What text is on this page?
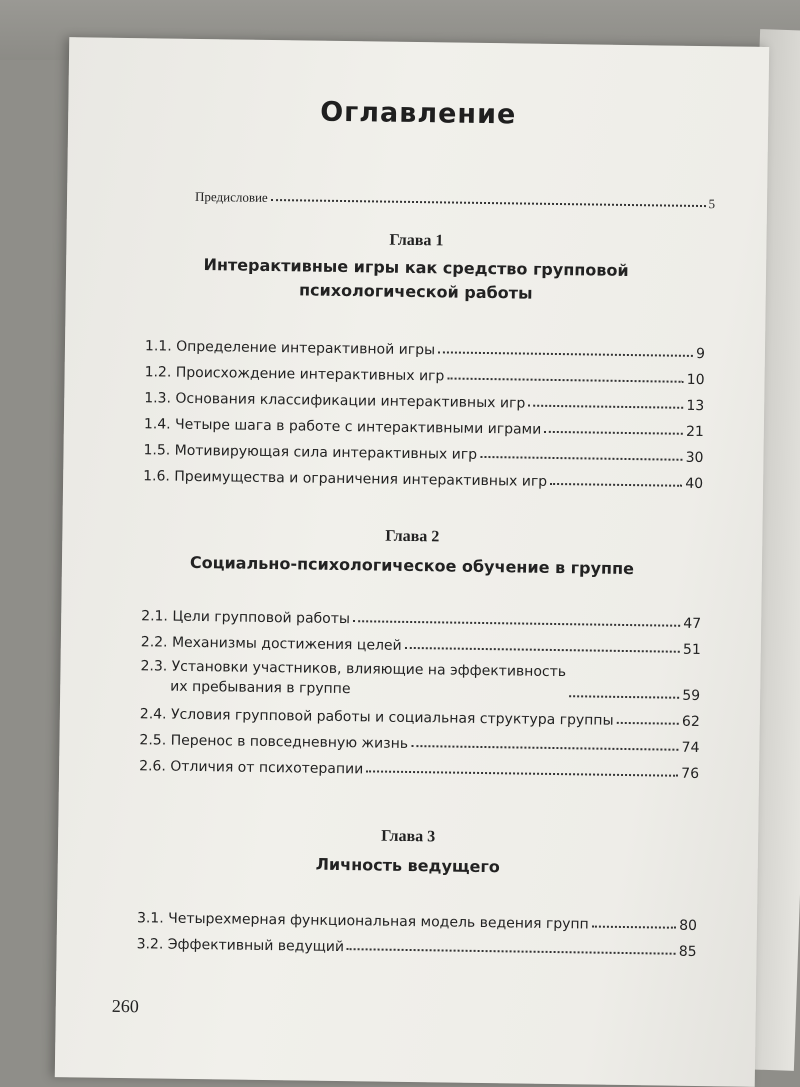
Оглавление
Предисловие	5
Глава 1
Интерактивные игры как средство групповой
психологической работы
1.1. Определение интерактивной игры	9
1.2. Происхождение интерактивных игр	10
1.3. Основания классификации интерактивных игр	13
1.4. Четыре шага в работе с интерактивными играми	21
1.5. Мотивирующая сила интерактивных игр	30
1.6. Преимущества и ограничения интерактивных игр	40
Глава 2
Социально-психологическое обучение в группе
2.1. Цели групповой работы	47
2.2. Механизмы достижения целей	51
2.3. Установки участников, влияющие на эффективность
их пребывания в группе	59
2.4. Условия групповой работы и социальная структура группы	62
2.5. Перенос в повседневную жизнь	74
2.6. Отличия от психотерапии	76
Глава 3
Личность ведущего
3.1. Четырехмерная функциональная модель ведения групп	80
3.2. Эффективный ведущий	85
260
